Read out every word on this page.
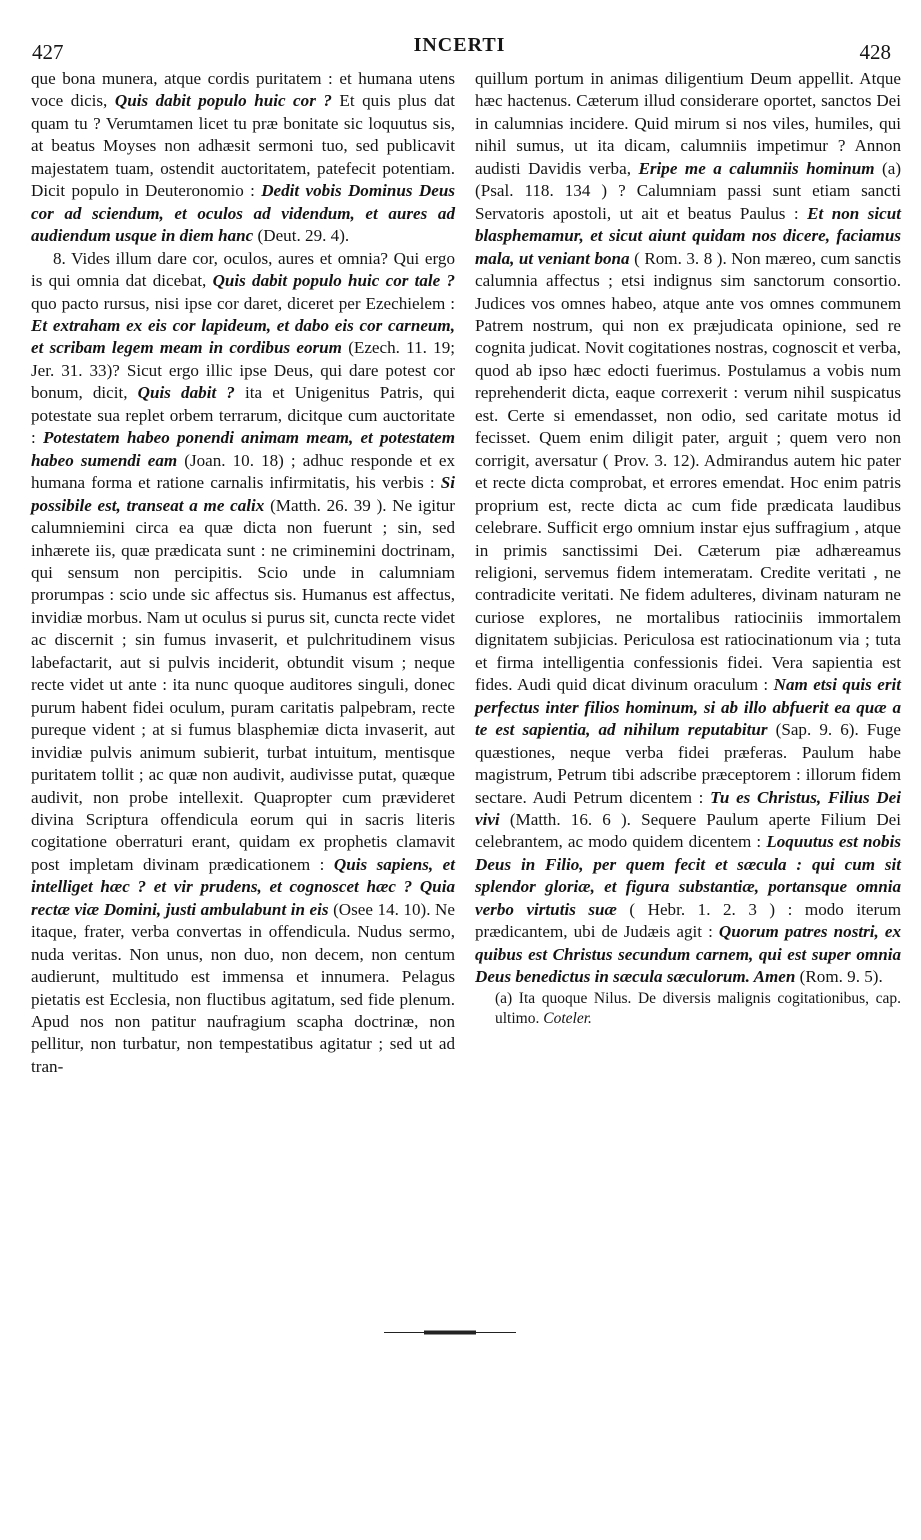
427	INCERTI	428

que bona munera, atque cordis puritatem : et humana utens voce dicis, Quis dabit populo huic cor ? Et quis plus dat quam tu ? Verumtamen licet tu præ bonitate sic loquutus sis, at beatus Moyses non adhæsit sermoni tuo, sed publicavit majestatem tuam, ostendit auctoritatem, patefecit potentiam. Dicit populo in Deuteronomio : Dedit vobis Dominus Deus cor ad sciendum, et oculos ad videndum, et aures ad audiendum usque in diem hanc (Deut. 29. 4).

8. Vides illum dare cor, oculos, aures et omnia? Qui ergo is qui omnia dat dicebat, Quis dabit populo huic cor tale ? quo pacto rursus, nisi ipse cor daret, diceret per Ezechielem : Et extraham ex eis cor lapideum, et dabo eis cor carneum, et scribam legem meam in cordibus eorum (Ezech. 11. 19; Jer. 31. 33)? Sicut ergo illic ipse Deus, qui dare potest cor bonum, dicit, Quis dabit ? ita et Unigenitus Patris, qui potestate sua replet orbem terrarum, dicitque cum auctoritate : Potestatem habeo ponendi animam meam, et potestatem habeo sumendi eam (Joan. 10. 18) ; adhuc responde et ex humana forma et ratione carnalis infirmitatis, his verbis : Si possibile est, transeat a me calix (Matth. 26. 39 ). Ne igitur calumniemini circa ea quæ dicta non fuerunt ; sin, sed inhærete iis, quæ prædicata sunt : ne criminemini doctrinam, qui sensum non percipitis. Scio unde in calumniam prorumpas : scio unde sic affectus sis. Humanus est affectus, invidiæ morbus. Nam ut oculus si purus sit, cuncta recte videt ac discernit ; sin fumus invaserit, et pulchritudinem visus labefactarit, aut si pulvis inciderit, obtundit visum ; neque recte videt ut ante : ita nunc quoque auditores singuli, donec purum habent fidei oculum, puram caritatis palpebram, recte pureque vident ; at si fumus blasphemiæ dicta invaserit, aut invidiæ pulvis animum subierit, turbat intuitum, mentisque puritatem tollit ; ac quæ non audivit, audivisse putat, quæque audivit, non probe intellexit. Quapropter cum prævideret divina Scriptura offendicula eorum qui in sacris literis cogitatione oberraturi erant, quidam ex prophetis clamavit post impletam divinam prædicationem : Quis sapiens, et intelliget hæc ? et vir prudens, et cognoscet hæc ? Quia rectæ viæ Domini, justi ambulabunt in eis (Osee 14. 10). Ne itaque, frater, verba convertas in offendicula. Nudus sermo, nuda veritas. Non unus, non duo, non decem, non centum audierunt, multitudo est immensa et innumera. Pelagus pietatis est Ecclesia, non fluctibus agitatum, sed fide plenum. Apud nos non patitur naufragium scapha doctrinæ, non pellitur, non turbatur, non tempestatibus agitatur ; sed ut ad tran-

quillum portum in animas diligentium Deum appellit. Atque hæc hactenus. Cæterum illud considerare oportet, sanctos Dei in calumnias incidere. Quid mirum si nos viles, humiles, qui nihil sumus, ut ita dicam, calumniis impetimur ? Annon audisti Davidis verba, Eripe me a calumniis hominum (a) (Psal. 118. 134 ) ? Calumniam passi sunt etiam sancti Servatoris apostoli, ut ait et beatus Paulus : Et non sicut blasphemamur, et sicut aiunt quidam nos dicere, faciamus mala, ut veniant bona ( Rom. 3. 8 ). Non mæreo, cum sanctis calumnia affectus ; etsi indignus sim sanctorum consortio. Judices vos omnes habeo, atque ante vos omnes communem Patrem nostrum, qui non ex præjudicata opinione, sed re cognita judicat. Novit cogitationes nostras, cognoscit et verba, quod ab ipso hæc edocti fuerimus. Postulamus a vobis num reprehenderit dicta, eaque correxerit : verum nihil suspicatus est. Certe si emendasset, non odio, sed caritate motus id fecisset. Quem enim diligit pater, arguit ; quem vero non corrigit, aversatur ( Prov. 3. 12). Admirandus autem hic pater et recte dicta comprobat, et errores emendat. Hoc enim patris proprium est, recte dicta ac cum fide prædicata laudibus celebrare. Sufficit ergo omnium instar ejus suffragium , atque in primis sanctissimi Dei. Cæterum piæ adhæreamus religioni, servemus fidem intemeratam. Credite veritati , ne contradicite veritati. Ne fidem adulteres, divinam naturam ne curiose explores, ne mortalibus ratiociniis immortalem dignitatem subjicias. Periculosa est ratiocinationum via ; tuta et firma intelligentia confessionis fidei. Vera sapientia est fides. Audi quid dicat divinum oraculum : Nam etsi quis erit perfectus inter filios hominum, si ab illo abfuerit ea quæ a te est sapientia, ad nihilum reputabitur (Sap. 9. 6). Fuge quæstiones, neque verba fidei præferas. Paulum habe magistrum, Petrum tibi adscribe præceptorem : illorum fidem sectare. Audi Petrum dicentem : Tu es Christus, Filius Dei vivi (Matth. 16. 6 ). Sequere Paulum aperte Filium Dei celebrantem, ac modo quidem dicentem : Loquutus est nobis Deus in Filio, per quem fecit et sæcula : qui cum sit splendor gloriæ, et figura substantiæ, portansque omnia verbo virtutis suæ ( Hebr. 1. 2. 3 ) : modo iterum prædicantem, ubi de Judæis agit : Quorum patres nostri, ex quibus est Christus secundum carnem, qui est super omnia Deus benedictus in sæcula sæculorum. Amen (Rom. 9. 5).

(a) Ita quoque Nilus. De diversis malignis cogitationibus, cap. ultimo. Coteler.
